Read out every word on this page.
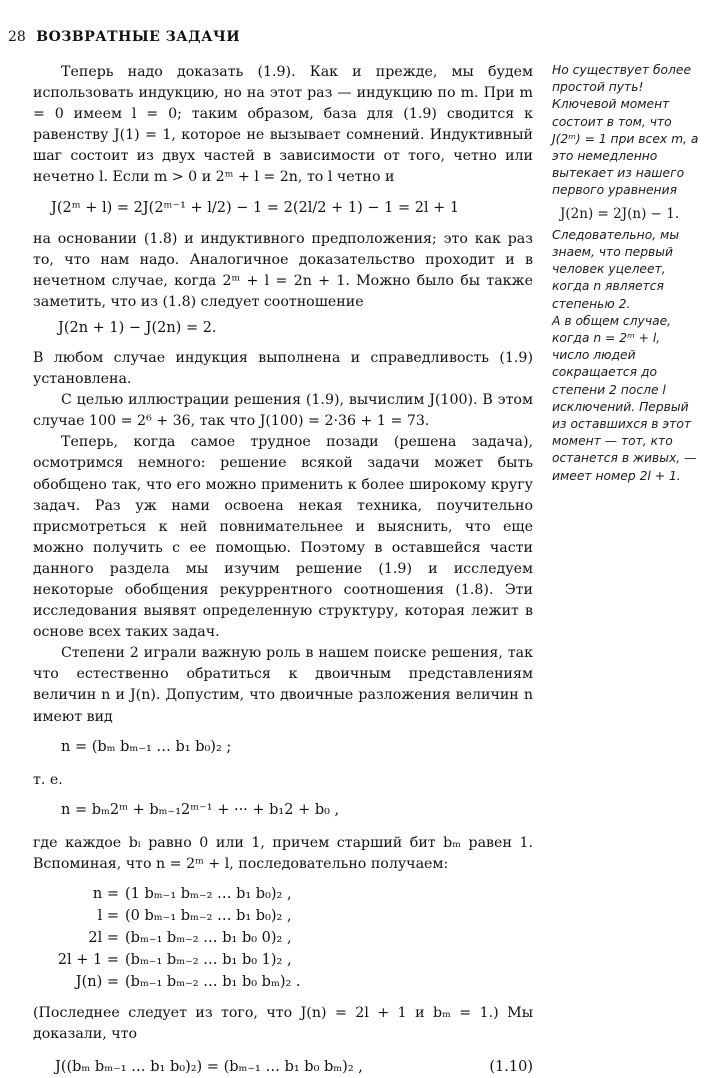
28 ВОЗВРАТНЫЕ ЗАДАЧИ

Теперь надо доказать (1.9). Как и прежде, мы будем использовать индукцию, но на этот раз — индукцию по m. При m = 0 имеем l = 0; таким образом, база для (1.9) сводится к равенству J(1) = 1, которое не вызывает сомнений. Индуктивный шаг состоит из двух частей в зависимости от того, четно или нечетно l. Если m > 0 и 2ᵐ + l = 2n, то l четно и

J(2ᵐ + l) = 2J(2ᵐ⁻¹ + l/2) − 1 = 2(2l/2 + 1) − 1 = 2l + 1

на основании (1.8) и индуктивного предположения; это как раз то, что нам надо. Аналогичное доказательство проходит и в нечетном случае, когда 2ᵐ + l = 2n + 1. Можно было бы также заметить, что из (1.8) следует соотношение

J(2n + 1) − J(2n) = 2.

В любом случае индукция выполнена и справедливость (1.9) установлена.

С целью иллюстрации решения (1.9), вычислим J(100). В этом случае 100 = 2⁶ + 36, так что J(100) = 2·36 + 1 = 73.

Теперь, когда самое трудное позади (решена задача), осмотримся немного: решение всякой задачи может быть обобщено так, что его можно применить к более широкому кругу задач. Раз уж нами освоена некая техника, поучительно присмотреться к ней повнимательнее и выяснить, что еще можно получить с ее помощью. Поэтому в оставшейся части данного раздела мы изучим решение (1.9) и исследуем некоторые обобщения рекуррентного соотношения (1.8). Эти исследования выявят определенную структуру, которая лежит в основе всех таких задач.

Степени 2 играли важную роль в нашем поиске решения, так что естественно обратиться к двоичным представлениям величин n и J(n). Допустим, что двоичные разложения величин n имеют вид

n = (bₘ bₘ₋₁ … b₁ b₀)₂ ;

т. е.

n = bₘ2ᵐ + bₘ₋₁2ᵐ⁻¹ + ··· + b₁2 + b₀ ,

где каждое bᵢ равно 0 или 1, причем старший бит bₘ равен 1. Вспоминая, что n = 2ᵐ + l, последовательно получаем:

n =	(1 bₘ₋₁ bₘ₋₂ … b₁ b₀)₂ ,
l =	(0 bₘ₋₁ bₘ₋₂ … b₁ b₀)₂ ,
2l =	(bₘ₋₁ bₘ₋₂ … b₁ b₀ 0)₂ ,
2l + 1 =	(bₘ₋₁ bₘ₋₂ … b₁ b₀ 1)₂ ,
J(n) =	(bₘ₋₁ bₘ₋₂ … b₁ b₀ bₘ)₂ .

(Последнее следует из того, что J(n) = 2l + 1 и bₘ = 1.) Мы доказали, что

J((bₘ bₘ₋₁ … b₁ b₀)₂) = (bₘ₋₁ … b₁ b₀ bₘ)₂ ,	(1.10)

Но существует более простой путь! Ключевой момент состоит в том, что J(2ᵐ) = 1 при всех m, а это немедленно вытекает из нашего первого уравнения

J(2n) = 2J(n) − 1.

Следовательно, мы знаем, что первый человек уцелеет, когда n является степенью 2.

А в общем случае, когда n = 2ᵐ + l, число людей сокращается до степени 2 после l исключений. Первый из оставшихся в этот момент — тот, кто останется в живых, — имеет номер 2l + 1.
